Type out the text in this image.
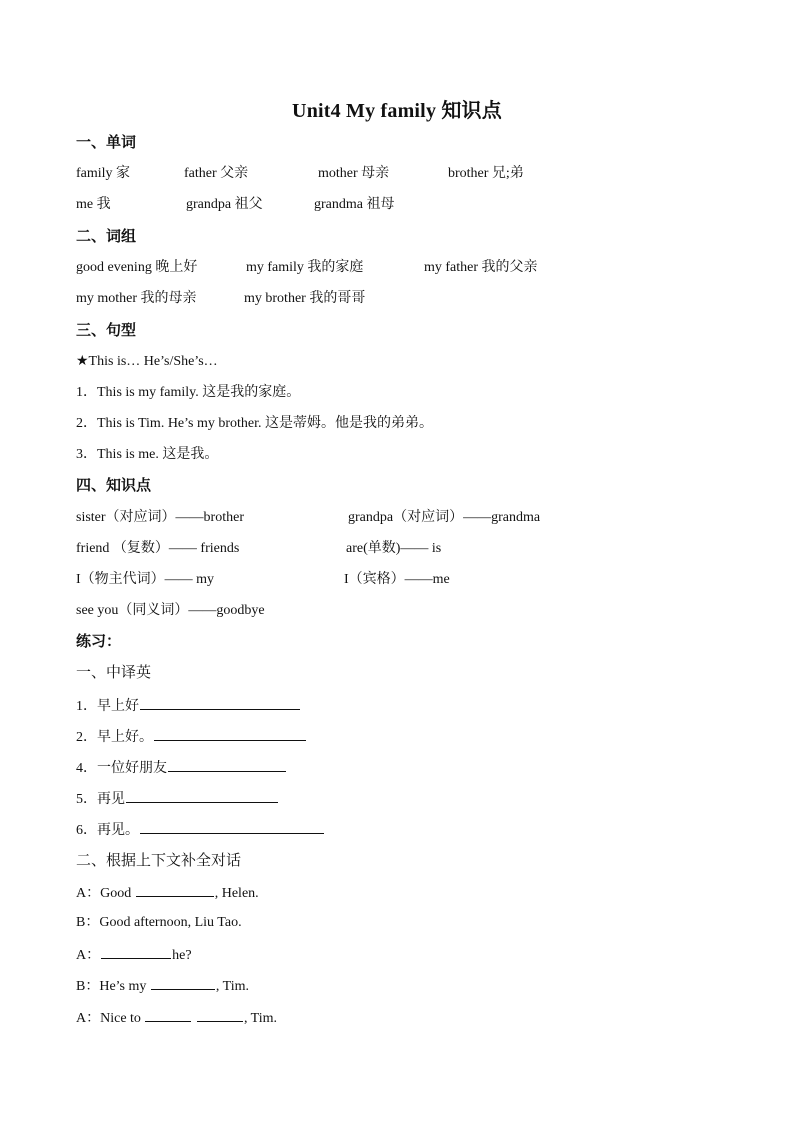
Unit4 My family 知识点
一、单词
family 家	father 父亲	mother 母亲	brother 兄;弟
me 我	grandpa 祖父	grandma 祖母
二、词组
good evening 晚上好	my family 我的家庭	my father 我的父亲
my mother 我的母亲	my brother 我的哥哥
三、句型
★This is… He’s/She’s…
1．This is my family. 这是我的家庭。
2．This is Tim. He’s my brother. 这是蒂姆。他是我的弟弟。
3．This is me. 这是我。
四、知识点
sister（对应词）——brother	grandpa（对应词）——grandma
friend （复数）—— friends	are(单数)—— is
I（物主代词）—— my	I（宾格）——me
see you（同义词）——goodbye
练习：
一、中译英
1．早上好
2．早上好。
4．一位好朋友
5．再见
6．再见。
二、根据上下文补全对话
A：Good	, Helen.
B：Good afternoon, Liu Tao.
A：	he?
B：He’s my	, Tim.
A：Nice to	, Tim.
